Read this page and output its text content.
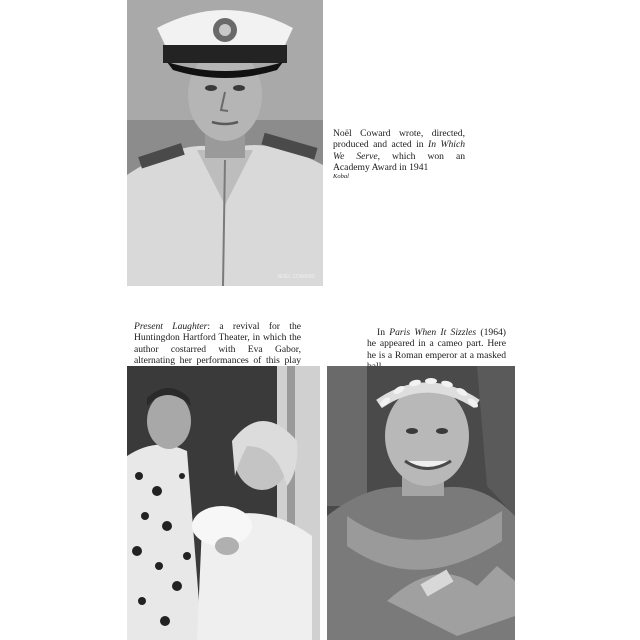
NOËL COWARD

Noël Coward wrote, directed, produced and acted in In Which We Serve, which won an Academy Award in 1941
Kobal

Present Laughter: a revival for the Huntingdon Hartford Theater, in which the author costarred with Eva Gabor, alternating her performances of this play

In Paris When It Sizzles (1964) he appeared in a cameo part. Here he is a Roman emperor at a masked
